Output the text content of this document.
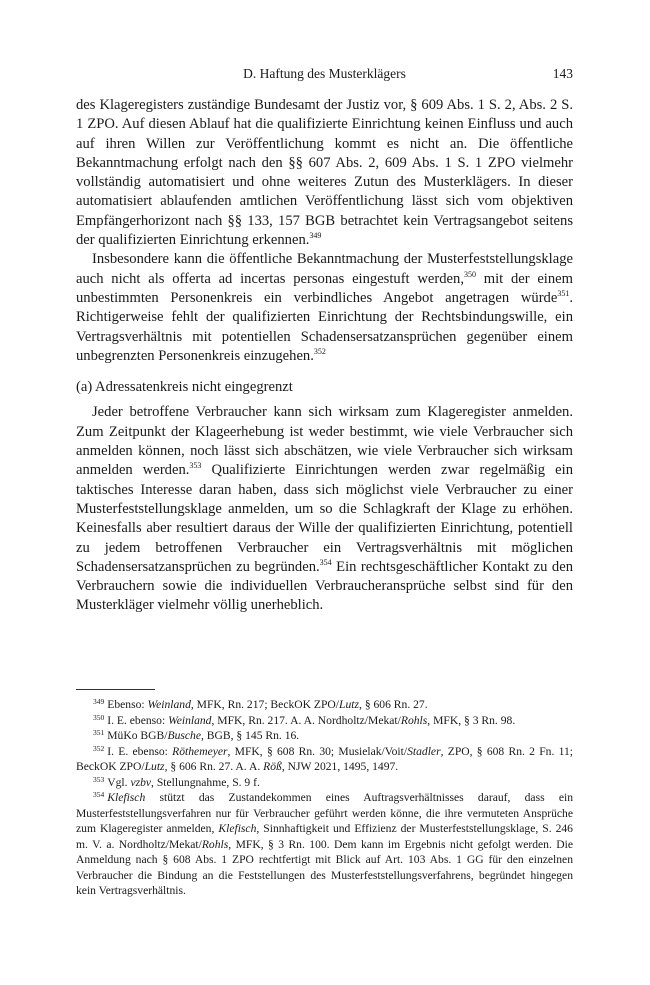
D. Haftung des Musterklägers	143

des Klageregisters zuständige Bundesamt der Justiz vor, § 609 Abs. 1 S. 2, Abs. 2 S. 1 ZPO. Auf diesen Ablauf hat die qualifizierte Einrichtung keinen Einfluss und auch auf ihren Willen zur Veröffentlichung kommt es nicht an. Die öffentliche Bekanntmachung erfolgt nach den §§ 607 Abs. 2, 609 Abs. 1 S. 1 ZPO vielmehr vollständig automatisiert und ohne weiteres Zutun des Musterklägers. In dieser automatisiert ablaufenden amtlichen Veröffentlichung lässt sich vom objektiven Empfängerhorizont nach §§ 133, 157 BGB betrachtet kein Vertragsangebot seitens der qualifizierten Einrichtung erkennen.$^{349}$

Insbesondere kann die öffentliche Bekanntmachung der Musterfeststellungsklage auch nicht als offerta ad incertas personas eingestuft werden,$^{350}$ mit der einem unbestimmten Personenkreis ein verbindliches Angebot angetragen würde$^{351}$. Richtigerweise fehlt der qualifizierten Einrichtung der Rechtsbindungswille, ein Vertragsverhältnis mit potentiellen Schadensersatzansprüchen gegenüber einem unbegrenzten Personenkreis einzugehen.$^{352}$

(a) Adressatenkreis nicht eingegrenzt

Jeder betroffene Verbraucher kann sich wirksam zum Klageregister anmelden. Zum Zeitpunkt der Klageerhebung ist weder bestimmt, wie viele Verbraucher sich anmelden können, noch lässt sich abschätzen, wie viele Verbraucher sich wirksam anmelden werden.$^{353}$ Qualifizierte Einrichtungen werden zwar regelmäßig ein taktisches Interesse daran haben, dass sich möglichst viele Verbraucher zu einer Musterfeststellungsklage anmelden, um so die Schlagkraft der Klage zu erhöhen. Keinesfalls aber resultiert daraus der Wille der qualifizierten Einrichtung, potentiell zu jedem betroffenen Verbraucher ein Vertragsverhältnis mit möglichen Schadensersatzansprüchen zu begründen.$^{354}$ Ein rechtsgeschäftlicher Kontakt zu den Verbrauchern sowie die individuellen Verbraucheransprüche selbst sind für den Musterkläger vielmehr völlig unerheblich.

$^{349}$ Ebenso: Weinland, MFK, Rn. 217; BeckOK ZPO/Lutz, § 606 Rn. 27.

$^{350}$ I. E. ebenso: Weinland, MFK, Rn. 217. A. A. Nordholtz/Mekat/Rohls, MFK, § 3 Rn. 98.

$^{351}$ MüKo BGB/Busche, BGB, § 145 Rn. 16.

$^{352}$ I. E. ebenso: Röthemeyer, MFK, § 608 Rn. 30; Musielak/Voit/Stadler, ZPO, § 608 Rn. 2 Fn. 11; BeckOK ZPO/Lutz, § 606 Rn. 27. A. A. Röß, NJW 2021, 1495, 1497.

$^{353}$ Vgl. vzbv, Stellungnahme, S. 9 f.

$^{354}$ Klefisch stützt das Zustandekommen eines Auftragsverhältnisses darauf, dass ein Musterfeststellungsverfahren nur für Verbraucher geführt werden könne, die ihre vermuteten Ansprüche zum Klageregister anmelden, Klefisch, Sinnhaftigkeit und Effizienz der Musterfeststellungsklage, S. 246 m. V. a. Nordholtz/Mekat/Rohls, MFK, § 3 Rn. 100. Dem kann im Ergebnis nicht gefolgt werden. Die Anmeldung nach § 608 Abs. 1 ZPO rechtfertigt mit Blick auf Art. 103 Abs. 1 GG für den einzelnen Verbraucher die Bindung an die Feststellungen des Musterfeststellungsverfahrens, begründet hingegen kein Vertragsverhältnis.
